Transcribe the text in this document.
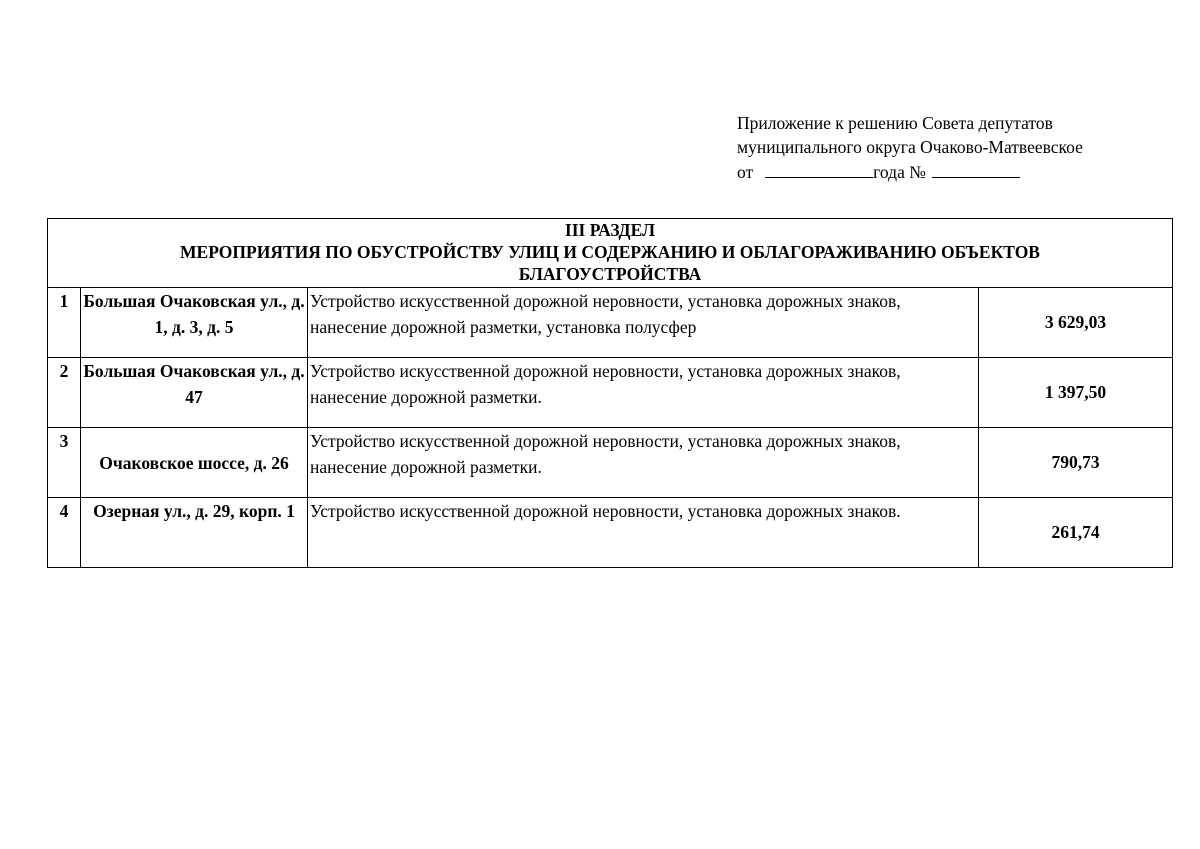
Приложение к решению Совета депутатов
муниципального округа Очаково-Матвеевское
от	года №
III РАЗДЕЛ
МЕРОПРИЯТИЯ ПО ОБУСТРОЙСТВУ УЛИЦ И СОДЕРЖАНИЮ И ОБЛАГОРАЖИВАНИЮ ОБЪЕКТОВ
БЛАГОУСТРОЙСТВА			

1	Большая Очаковская ул., д. 1, д. 3, д. 5	Устройство искусственной дорожной неровности, установка дорожных знаков, нанесение дорожной разметки, установка полусфер	3 629,03
2	Большая Очаковская ул., д. 47	Устройство искусственной дорожной неровности, установка дорожных знаков, нанесение дорожной разметки.	1 397,50
3	Очаковское шоссе, д. 26	Устройство искусственной дорожной неровности, установка дорожных знаков, нанесение дорожной разметки.	790,73
4	Озерная ул., д. 29, корп. 1	Устройство искусственной дорожной неровности, установка дорожных знаков.	261,74
